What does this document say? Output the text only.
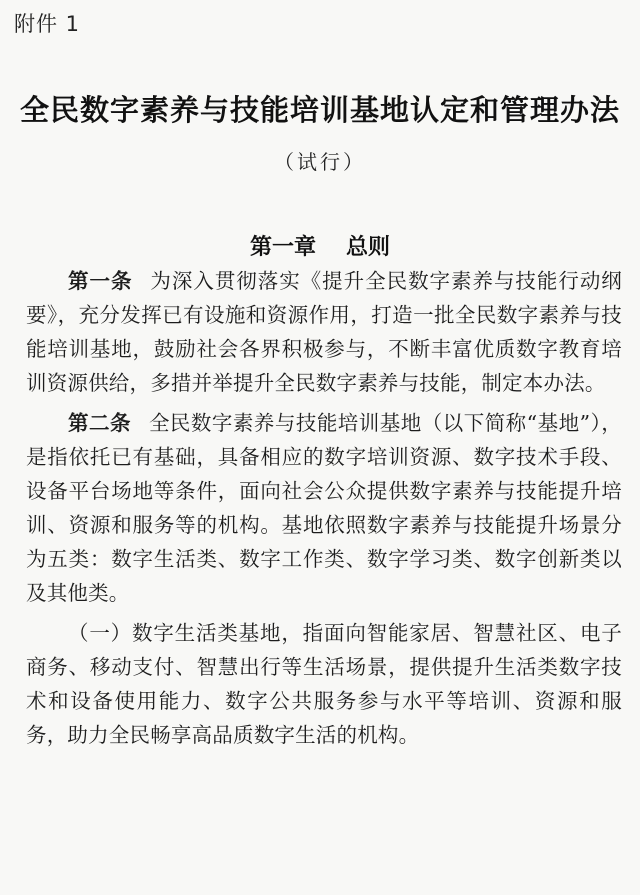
附件 1
全民数字素养与技能培训基地认定和管理办法
（试行）
第一章 总则

第一条 为深入贯彻落实《提升全民数字素养与技能行动纲要》，充分发挥已有设施和资源作用，打造一批全民数字素养与技能培训基地，鼓励社会各界积极参与，不断丰富优质数字教育培训资源供给，多措并举提升全民数字素养与技能，制定本办法。

第二条 全民数字素养与技能培训基地（以下简称“基地”），是指依托已有基础，具备相应的数字培训资源、数字技术手段、设备平台场地等条件，面向社会公众提供数字素养与技能提升培训、资源和服务等的机构。基地依照数字素养与技能提升场景分为五类：数字生活类、数字工作类、数字学习类、数字创新类以及其他类。

（一）数字生活类基地，指面向智能家居、智慧社区、电子商务、移动支付、智慧出行等生活场景，提供提升生活类数字技术和设备使用能力、数字公共服务参与水平等培训、资源和服务，助力全民畅享高品质数字生活的机构。
